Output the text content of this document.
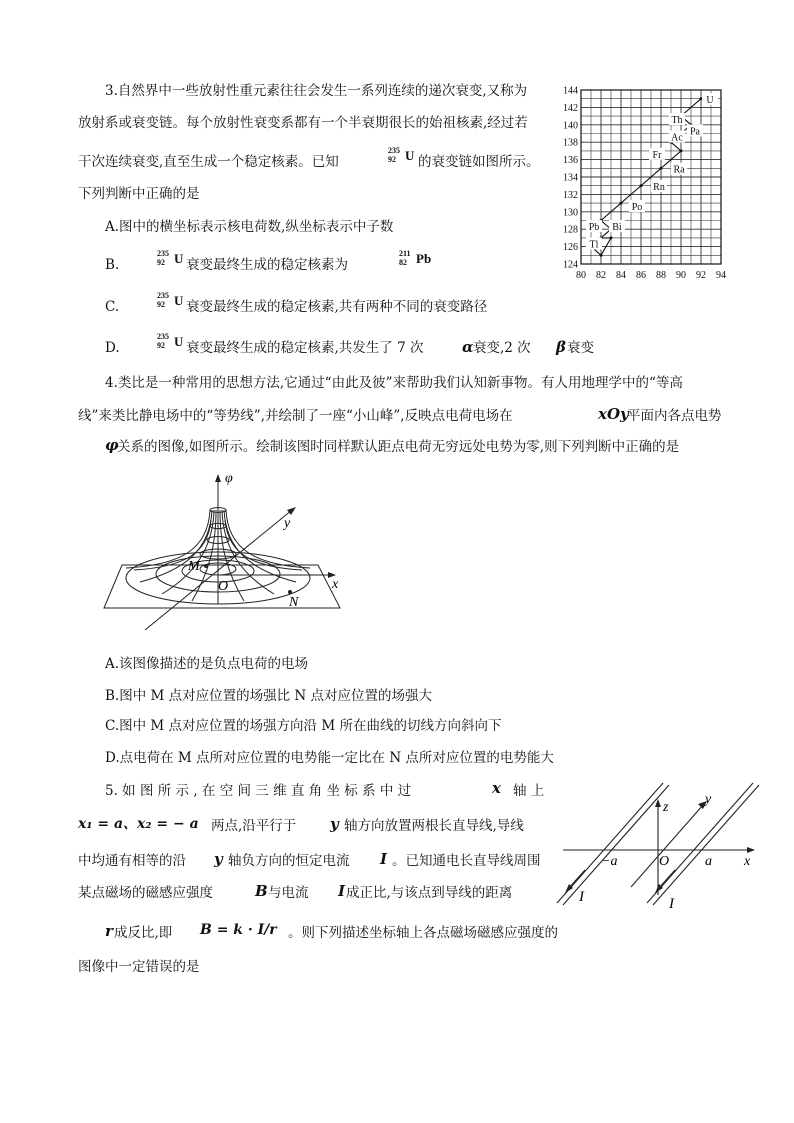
3.自然界中一些放射性重元素往往会发生一系列连续的递次衰变,又称为
放射系或衰变链。每个放射性衰变系都有一个半衰期很长的始祖核素,经过若
干次连续衰变,直至生成一个稳定核素。已知
235
92 U 的衰变链如图所示。
下列判断中正确的是
A.图中的横坐标表示核电荷数,纵坐标表示中子数
B.
235
92 U 衰变最终生成的稳定核素为
211
82 Pb
C.
235
92 U 衰变最终生成的稳定核素,共有两种不同的衰变路径
D.
235
92 U 衰变最终生成的稳定核素,共发生了 7 次	α 衰变,2 次 β 衰变
80 82 84 86 88 90 92 94
124
126
128
130
132
134
136
138
140
142
144
U
Th
Pa
Ac
Fr
Ra
Rn
Po
Pb Bi
Tl
4.类比是一种常用的思想方法,它通过“由此及彼”来帮助我们认知新事物。有人用地理学中的“等高
线”来类比静电场中的“等势线”,并绘制了一座“小山峰”,反映点电荷电场在	xOy
平面内各点电势
φ
关系的图像,如图所示。绘制该图时同样默认距点电荷无穷远处电势为零,则下列判断中正确的是
φ
y
x
M
O
N
A.该图像描述的是负点电荷的电场
B.图中 M 点对应位置的场强比 N 点对应位置的场强大
C.图中 M 点对应位置的场强方向沿 M 所在曲线的切线方向斜向下
D.点电荷在 M 点所对应位置的电势能一定比在 N 点所对应位置的电势能大
5. 如 图 所 示 , 在 空 间 三 维 直 角 坐 标 系 中 过	x 轴 上
x₁ = a、x₂ = − a 两点,沿平行于 y 轴方向放置两根长直导线,导线
中均通有相等的沿 y 轴负方向的恒定电流 I 。已知通电长直导线周围
某点磁场的磁感应强度	B 与电流 I 成正比,与该点到导线的距离
r 成反比,即 B = k · I/r 。则下列描述坐标轴上各点磁场磁感应强度的
图像中一定错误的是
z
y
x
−a	O	a
I	I
